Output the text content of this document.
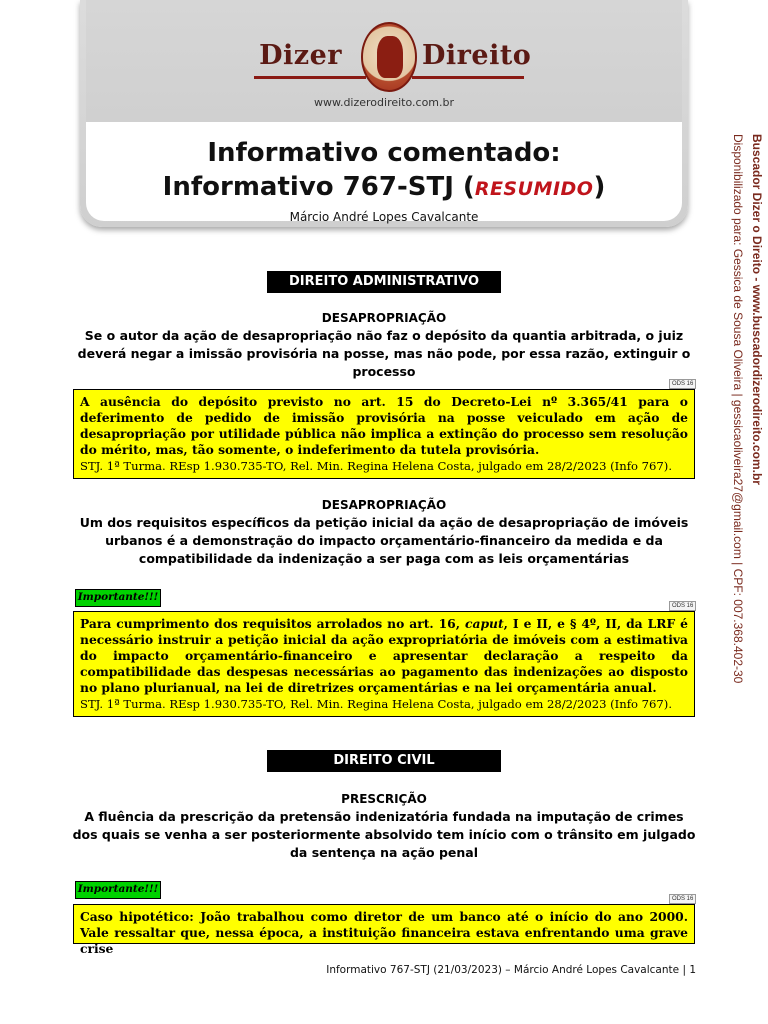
Dizer	Direito
www.dizerodireito.com.br
Informativo comentado:
Informativo 767-STJ (RESUMIDO)
Márcio André Lopes Cavalcante
DIREITO ADMINISTRATIVO
DESAPROPRIAÇÃO
Se o autor da ação de desapropriação não faz o depósito da quantia arbitrada, o juiz deverá negar a imissão provisória na posse, mas não pode, por essa razão, extinguir o processo
ODS 16
A ausência do depósito previsto no art. 15 do Decreto-Lei nº 3.365/41 para o deferimento de pedido de imissão provisória na posse veiculado em ação de desapropriação por utilidade pública não implica a extinção do processo sem resolução do mérito, mas, tão somente, o indeferimento da tutela provisória.
STJ. 1ª Turma. REsp 1.930.735-TO, Rel. Min. Regina Helena Costa, julgado em 28/2/2023 (Info 767).
DESAPROPRIAÇÃO
Um dos requisitos específicos da petição inicial da ação de desapropriação de imóveis urbanos é a demonstração do impacto orçamentário-financeiro da medida e da compatibilidade da indenização a ser paga com as leis orçamentárias
Importante!!!
ODS 16
Para cumprimento dos requisitos arrolados no art. 16, caput, I e II, e § 4º, II, da LRF é necessário instruir a petição inicial da ação expropriatória de imóveis com a estimativa do impacto orçamentário-financeiro e apresentar declaração a respeito da compatibilidade das despesas necessárias ao pagamento das indenizações ao disposto no plano plurianual, na lei de diretrizes orçamentárias e na lei orçamentária anual.
STJ. 1ª Turma. REsp 1.930.735-TO, Rel. Min. Regina Helena Costa, julgado em 28/2/2023 (Info 767).
DIREITO CIVIL
PRESCRIÇÃO
A fluência da prescrição da pretensão indenizatória fundada na imputação de crimes dos quais se venha a ser posteriormente absolvido tem início com o trânsito em julgado da sentença na ação penal
Importante!!!
ODS 16
Caso hipotético: João trabalhou como diretor de um banco até o início do ano 2000. Vale ressaltar que, nessa época, a instituição financeira estava enfrentando uma grave crise
Informativo 767-STJ (21/03/2023) – Márcio André Lopes Cavalcante | 1
Buscador Dizer o Direito - www.buscadordizerodireito.com.br
Disponibilizado para: Gessica de Sousa Oliveira | gessicaoliveira27@gmail.com | CPF: 007.368.402-30
